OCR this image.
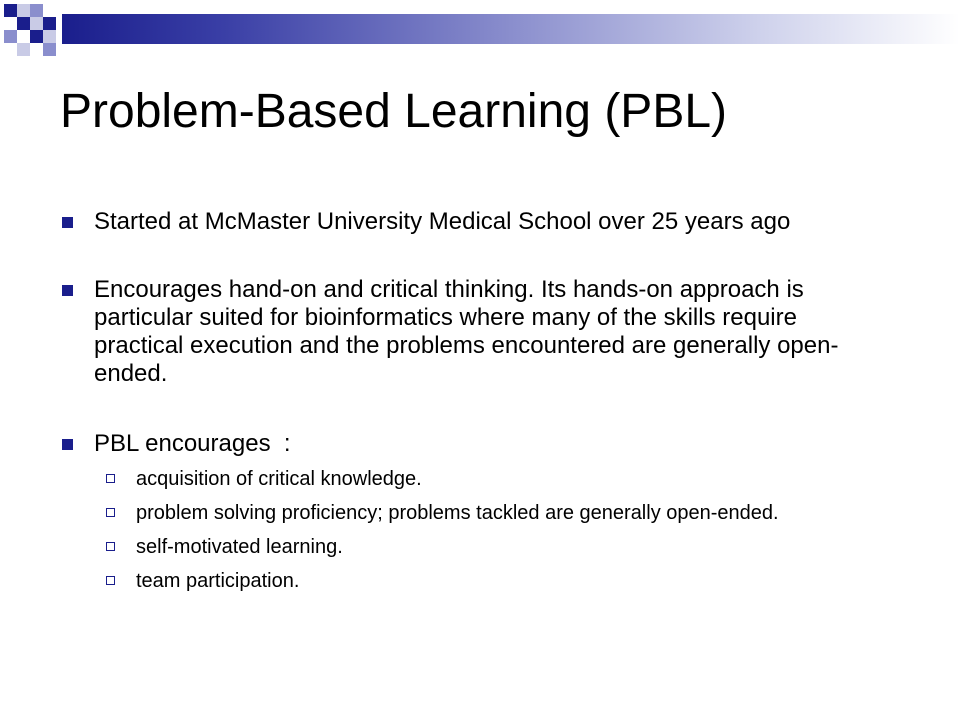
Problem-Based Learning (PBL)
Started at McMaster University Medical School over 25 years ago
Encourages hand-on and critical thinking. Its hands-on approach is particular suited for bioinformatics where many of the skills require practical execution and the problems encountered are generally open-ended.
PBL encourages  :
acquisition of critical knowledge.
problem solving proficiency; problems tackled are generally open-ended.
self-motivated learning.
team participation.
